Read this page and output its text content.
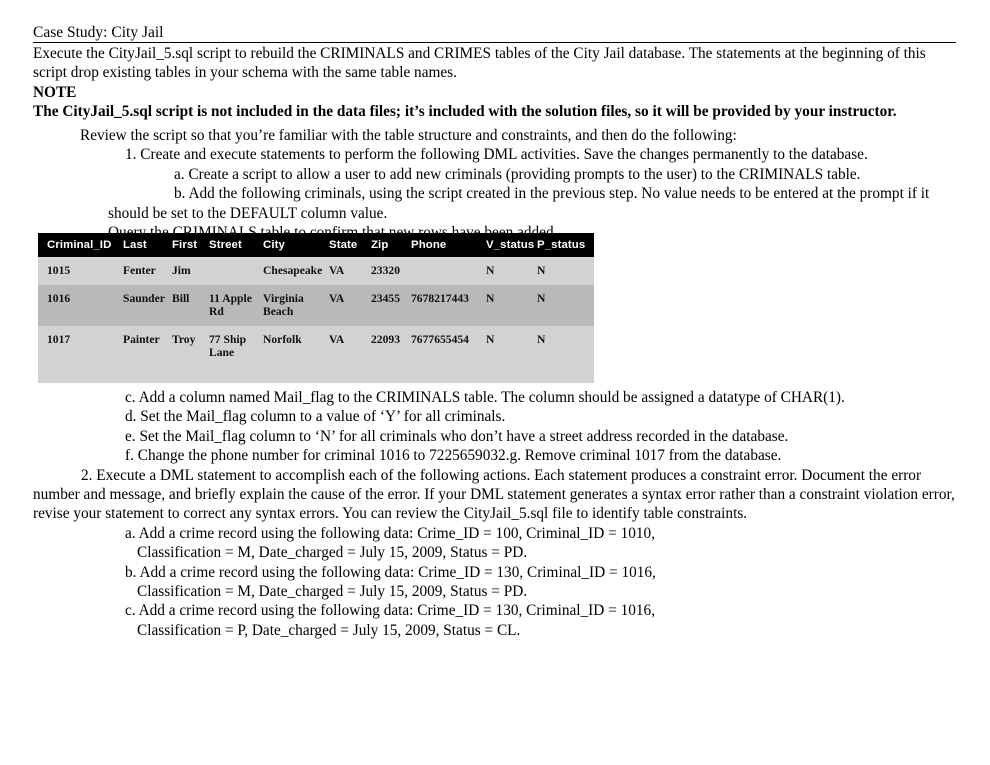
Case Study: City Jail

Execute the CityJail_5.sql script to rebuild the CRIMINALS and CRIMES tables of the City Jail database. The statements at the beginning of this script drop existing tables in your schema with the same table names.

NOTE

The CityJail_5.sql script is not included in the data files; it’s included with the solution files, so it will be provided by your instructor.

Review the script so that you’re familiar with the table structure and constraints, and then do the following:

1. Create and execute statements to perform the following DML activities. Save the changes permanently to the database.

a. Create a script to allow a user to add new criminals (providing prompts to the user) to the CRIMINALS table.

b. Add the following criminals, using the script created in the previous step. No value needs to be entered at the prompt if it

should be set to the DEFAULT column value.

Criminal_ID	Last	First	Street	City	State	Zip	Phone	V_status	P_status
1015	Fenter	Jim		Chesapeake	VA	23320		N	N
1016	Saunder	Bill	11 Apple Rd	Virginia Beach	VA	23455	7678217443	N	N
1017	Painter	Troy	77 Ship Lane	Norfolk	VA	22093	7677655454	N	N

c. Add a column named Mail_flag to the CRIMINALS table. The column should be assigned a datatype of CHAR(1).

d. Set the Mail_flag column to a value of ‘Y’ for all criminals.

e. Set the Mail_flag column to ‘N’ for all criminals who don’t have a street address recorded in the database.

f. Change the phone number for criminal 1016 to 7225659032.g. Remove criminal 1017 from the database.

2. Execute a DML statement to accomplish each of the following actions. Each statement produces a constraint error. Document the error

number and message, and briefly explain the cause of the error. If your DML statement generates a syntax error rather than a constraint violation error,

revise your statement to correct any syntax errors. You can review the CityJail_5.sql file to identify table constraints.

a. Add a crime record using the following data: Crime_ID = 100, Criminal_ID = 1010,

Classification = M, Date_charged = July 15, 2009, Status = PD.

b. Add a crime record using the following data: Crime_ID = 130, Criminal_ID = 1016,

Classification = M, Date_charged = July 15, 2009, Status = PD.

c. Add a crime record using the following data: Crime_ID = 130, Criminal_ID = 1016,

Classification = P, Date_charged = July 15, 2009, Status = CL.
